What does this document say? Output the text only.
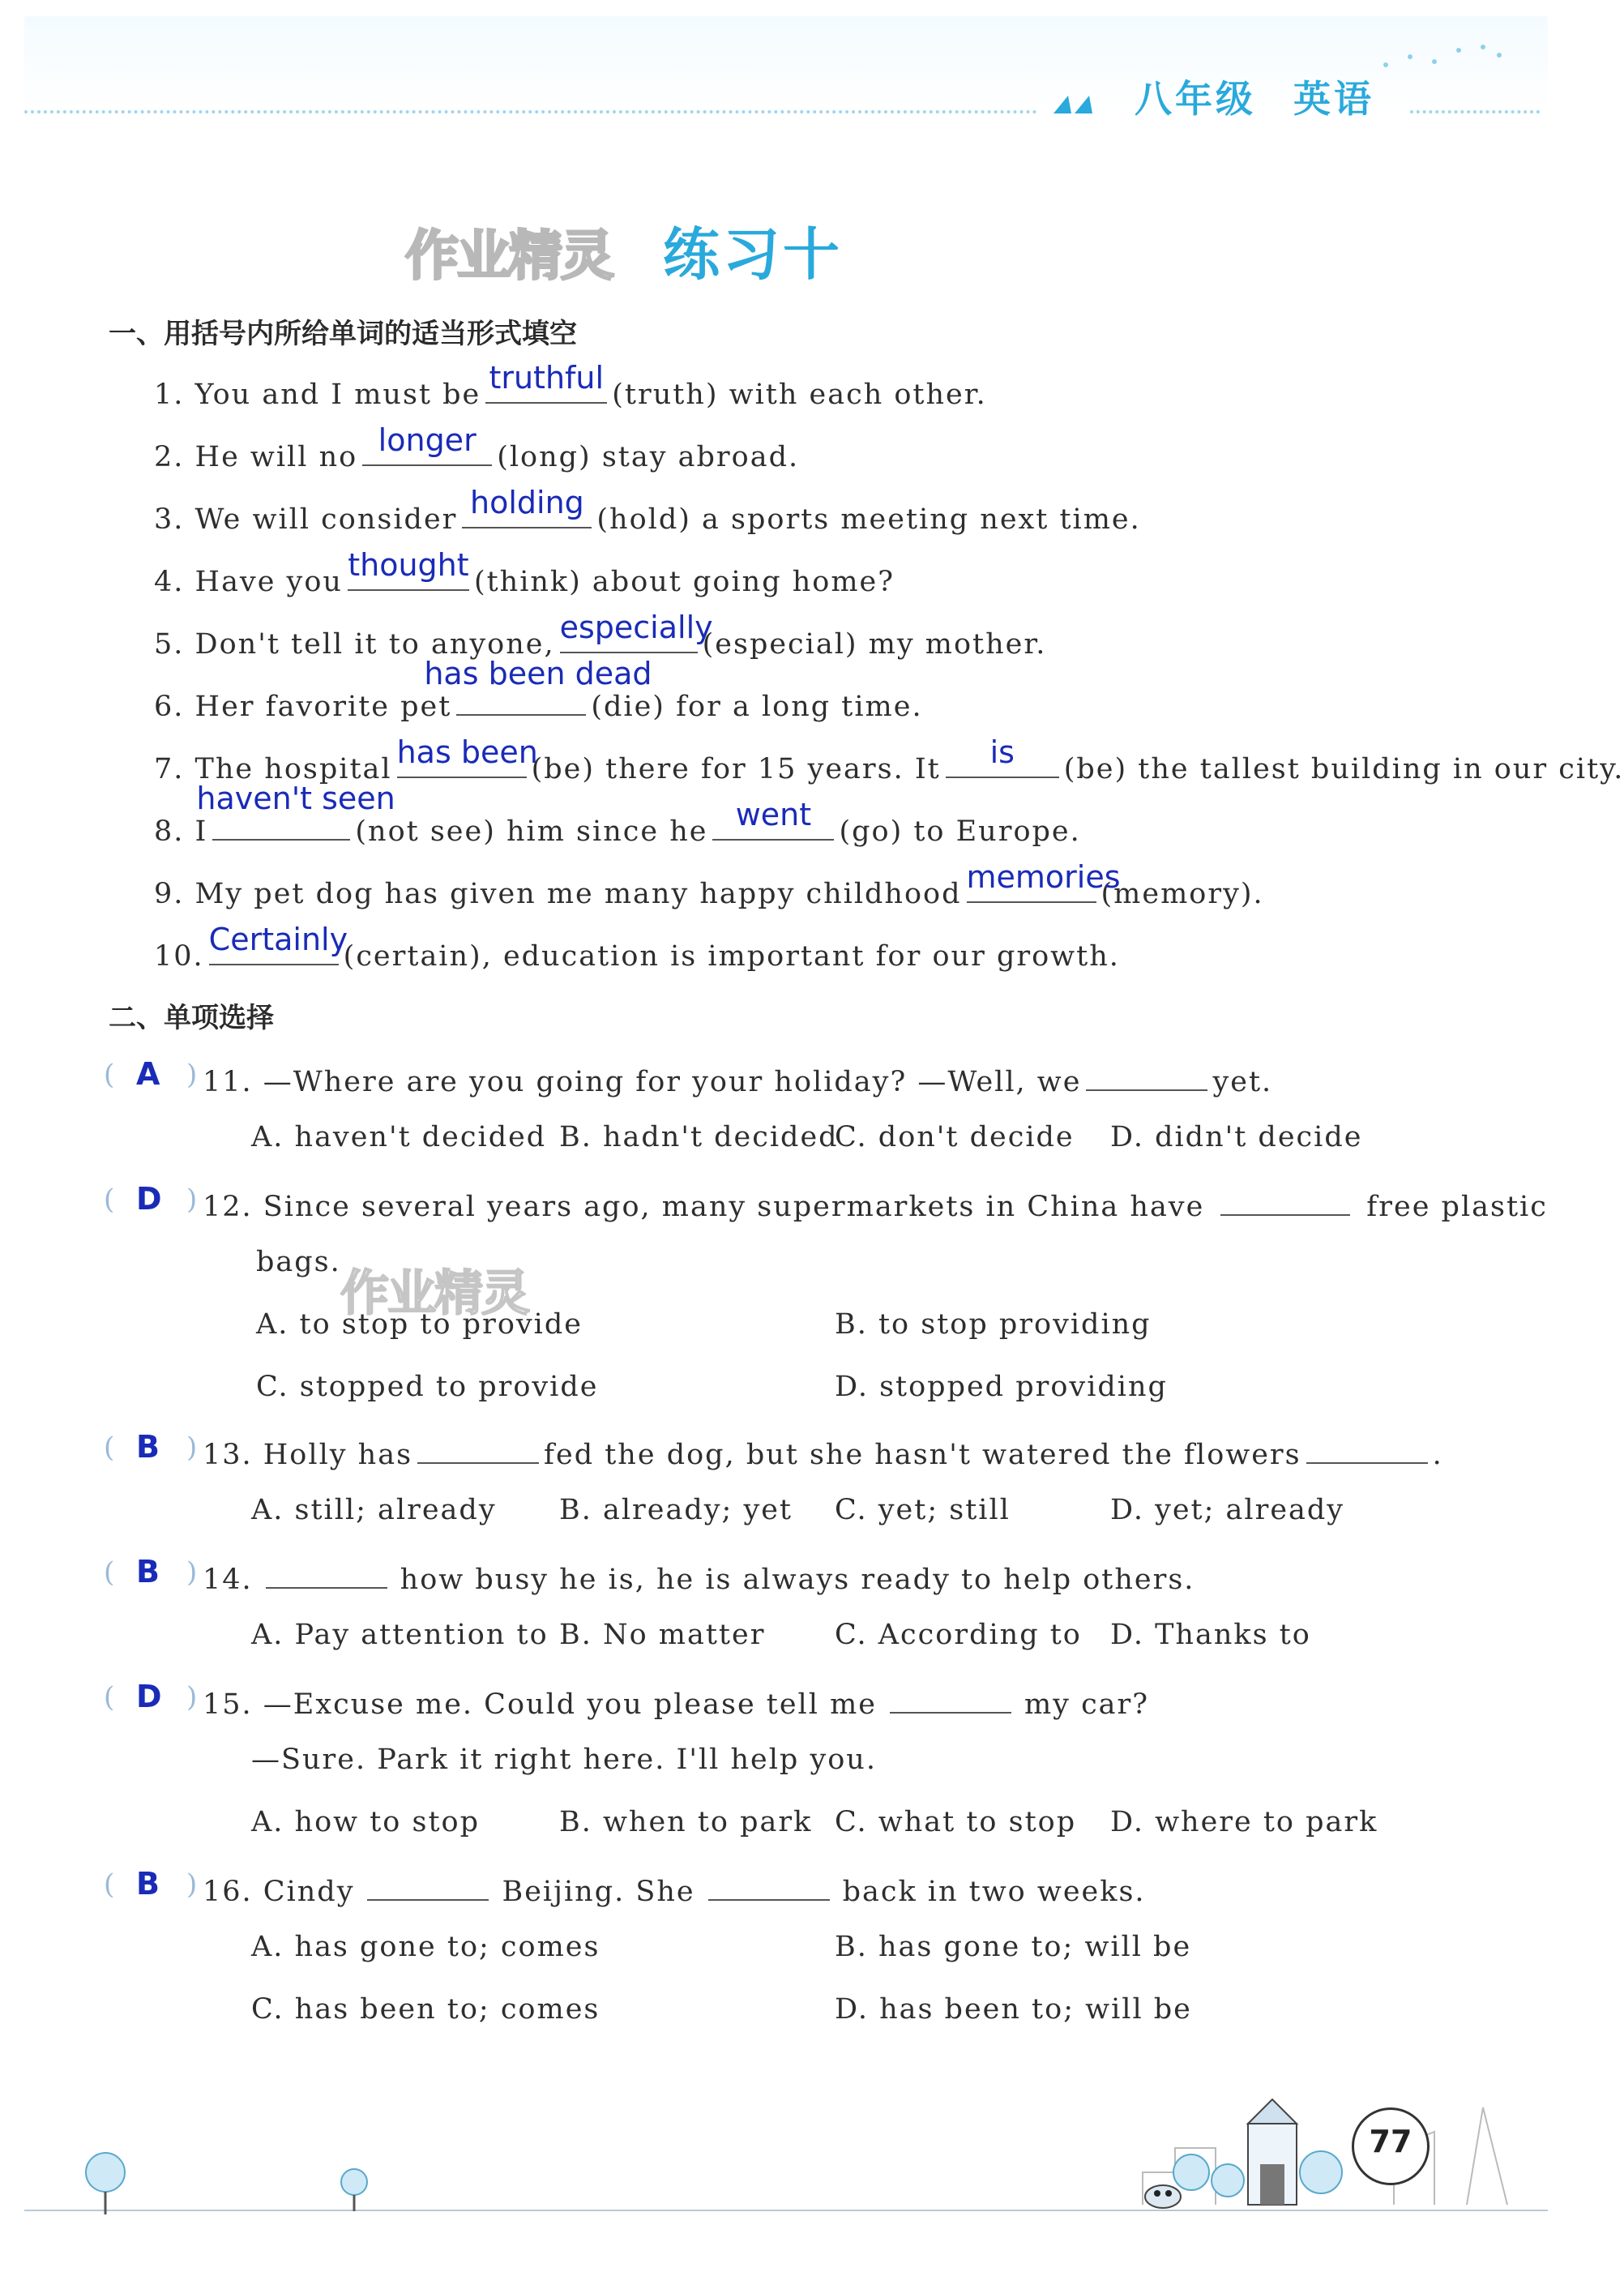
八年级 英语
作业精灵 练习十
一、用括号内所给单词的适当形式填空
1. You and I must be truthful (truth) with each other.
2. He will no longer (long) stay abroad.
3. We will consider holding (hold) a sports meeting next time.
4. Have you thought (think) about going home?
5. Don't tell it to anyone, especially
(especial) my mother.
6. Her favorite pet
has been dead
(die) for a long time.
7. The hospital has been
(be) there for 15 years. It	is	(be) the tallest building in our city.
8. I
haven't seen
(not see) him since he went (go) to Europe.
9. My pet dog has given me many happy childhood memories
(memory).
10. Certainly
(certain), education is important for our growth.
二、单项选择
( A ) 11. —Where are you going for your holiday? —Well, we	yet.
A. haven't decided B. hadn't decided
C. don't decide D. didn't decide
( D ) 12. Since several years ago, many supermarkets in China have	free plastic
bags.
作业精灵
A. to stop to provide	B. to stop providing
C. stopped to provide	D. stopped providing
( B ) 13. Holly has	fed the dog, but she hasn't watered the flowers	.
A. still; already B. already; yet C. yet; still	D. yet; already
( B ) 14.	how busy he is, he is always ready to help others.
A. Pay attention to B. No matter C. According to D. Thanks to
( D ) 15. —Excuse me. Could you please tell me	my car?
—Sure. Park it right here. I'll help you.
A. how to stop	B. when to park C. what to stop D. where to park
( B ) 16. Cindy	Beijing. She	back in two weeks.
A. has gone to; comes	B. has gone to; will be
C. has been to; comes	D. has been to; will be
77
